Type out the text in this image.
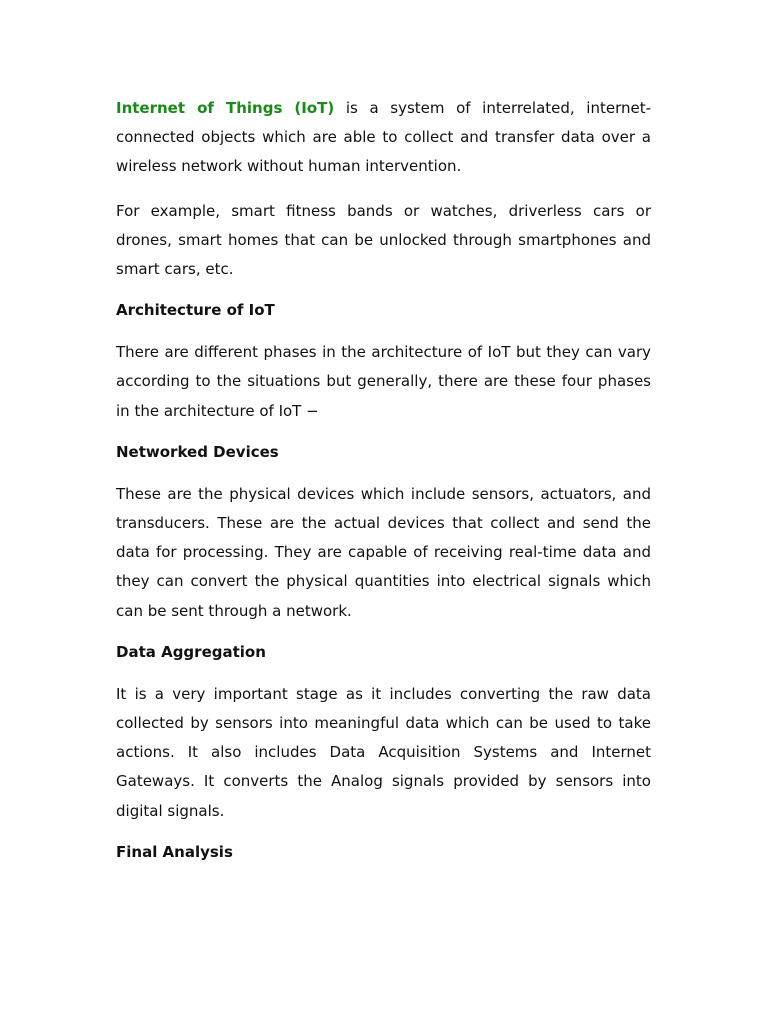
Internet of Things (IoT) is a system of interrelated, internet-connected objects which are able to collect and transfer data over a wireless network without human intervention.

For example, smart fitness bands or watches, driverless cars or drones, smart homes that can be unlocked through smartphones and smart cars, etc.

Architecture of IoT

There are different phases in the architecture of IoT but they can vary according to the situations but generally, there are these four phases in the architecture of IoT −

Networked Devices

These are the physical devices which include sensors, actuators, and transducers. These are the actual devices that collect and send the data for processing. They are capable of receiving real-time data and they can convert the physical quantities into electrical signals which can be sent through a network.

Data Aggregation

It is a very important stage as it includes converting the raw data collected by sensors into meaningful data which can be used to take actions. It also includes Data Acquisition Systems and Internet Gateways. It converts the Analog signals provided by sensors into digital signals.

Final Analysis
